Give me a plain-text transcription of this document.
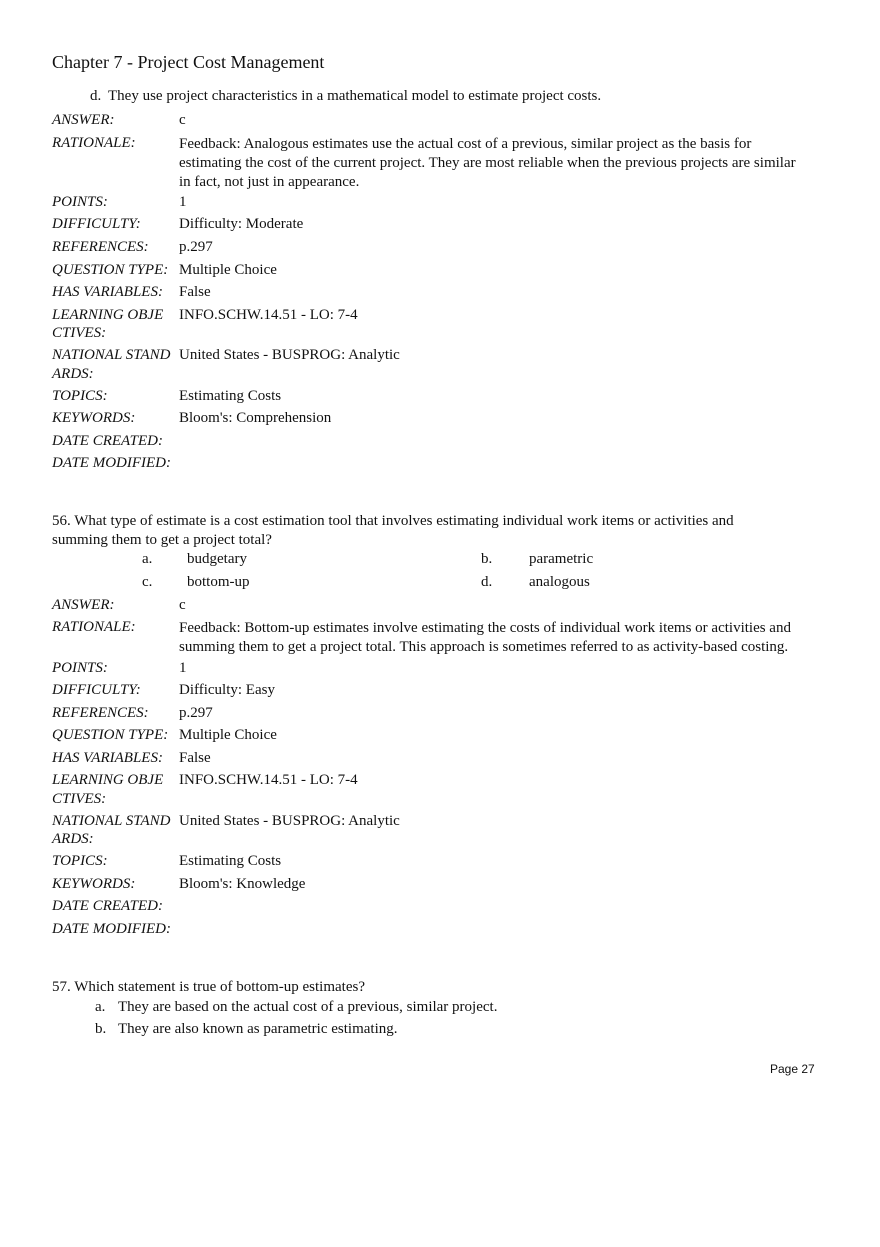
Chapter 7 - Project Cost Management
d. They use project characteristics in a mathematical model to estimate project costs.
ANSWER:	c
RATIONALE:	Feedback: Analogous estimates use the actual cost of a previous, similar project as the basis for estimating the cost of the current project. They are most reliable when the previous projects are similar in fact, not just in appearance.
POINTS:	1
DIFFICULTY:	Difficulty: Moderate
REFERENCES: p.297
QUESTION TYPE: Multiple Choice
HAS VARIABLES: False
LEARNING OBJE
CTIVES:
INFO.SCHW.14.51 - LO: 7-4
NATIONAL STAND
ARDS:
United States - BUSPROG: Analytic
TOPICS:	Estimating Costs
KEYWORDS:	Bloom's: Comprehension
DATE CREATED:
DATE MODIFIED:
56. What type of estimate is a cost estimation tool that involves estimating individual work items or activities and summing them to get a project total?
a. budgetary	b. parametric
c. bottom-up	d. analogous
ANSWER:	c
RATIONALE:	Feedback: Bottom-up estimates involve estimating the costs of individual work items or activities and summing them to get a project total. This approach is sometimes referred to as activity-based costing.
POINTS:	1
DIFFICULTY:	Difficulty: Easy
REFERENCES: p.297
QUESTION TYPE: Multiple Choice
HAS VARIABLES: False
LEARNING OBJE
CTIVES:
INFO.SCHW.14.51 - LO: 7-4
NATIONAL STAND
ARDS:
United States - BUSPROG: Analytic
TOPICS:	Estimating Costs
KEYWORDS:	Bloom's: Knowledge
DATE CREATED:
DATE MODIFIED:
57. Which statement is true of bottom-up estimates?
a. They are based on the actual cost of a previous, similar project.
b. They are also known as parametric estimating.
Page 27
